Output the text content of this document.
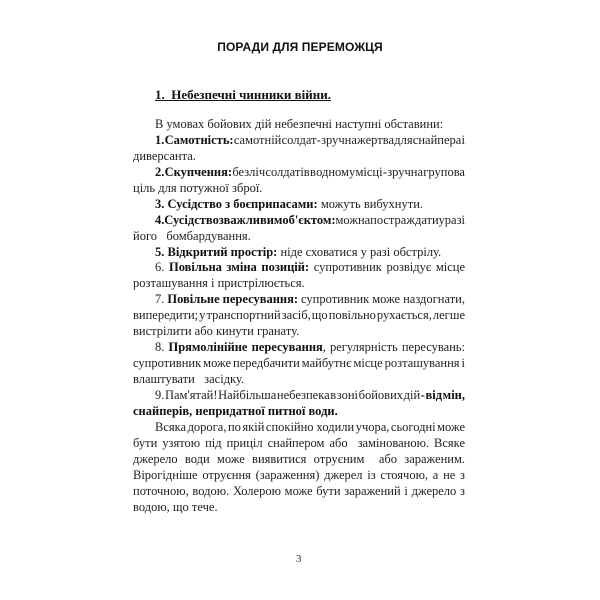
ПОРАДИ ДЛЯ ПЕРЕМОЖЦЯ
1.  Небезпечні чинники війни.
В умовах бойових дій небезпечні наступні обставини:
1. Самотність: самотній солдат - зручна жертва для снайпера і
диверсанта.
2. Скупчення: безліч солдатів в одному місці - зручна групова
ціль для потужної зброї.
3. Сусідство з боєприпасами: можуть вибухнути.
4. Сусідство з важливим об'єктом: можна постраждати у разі
його   бомбардування.
5. Відкритий простір: ніде сховатися у разі обстрілу.
6. Повільна зміна позицій: супротивник розвідує місце
розташування і пристрілюється.
7. Повільне пересування: супротивник може наздогнати,
випередити; у транспортний засіб, що повільно рухається, легше
вистрілити або кинути гранату.
8. Прямолінійне пересування, регулярність пересувань:
супротивник може передбачити майбутнє місце розташування і
влаштувати   засідку.
9. Пам'ятай! Найбільша небезпека в зоні бойових дій - від мін,
снайперів, непридатної питної води.
Всяка дорога, по якій спокійно  ходили учора, сьогодні може
бути узятою під приціл снайпером або  замінованою. Всяке
джерело води може виявитися отруєним  або зараженим.
Вірогідніше отруєння (зараження) джерел із стоячою, а не з
поточною, водою. Холерою може бути заражений і джерело з
водою, що тече.
3
